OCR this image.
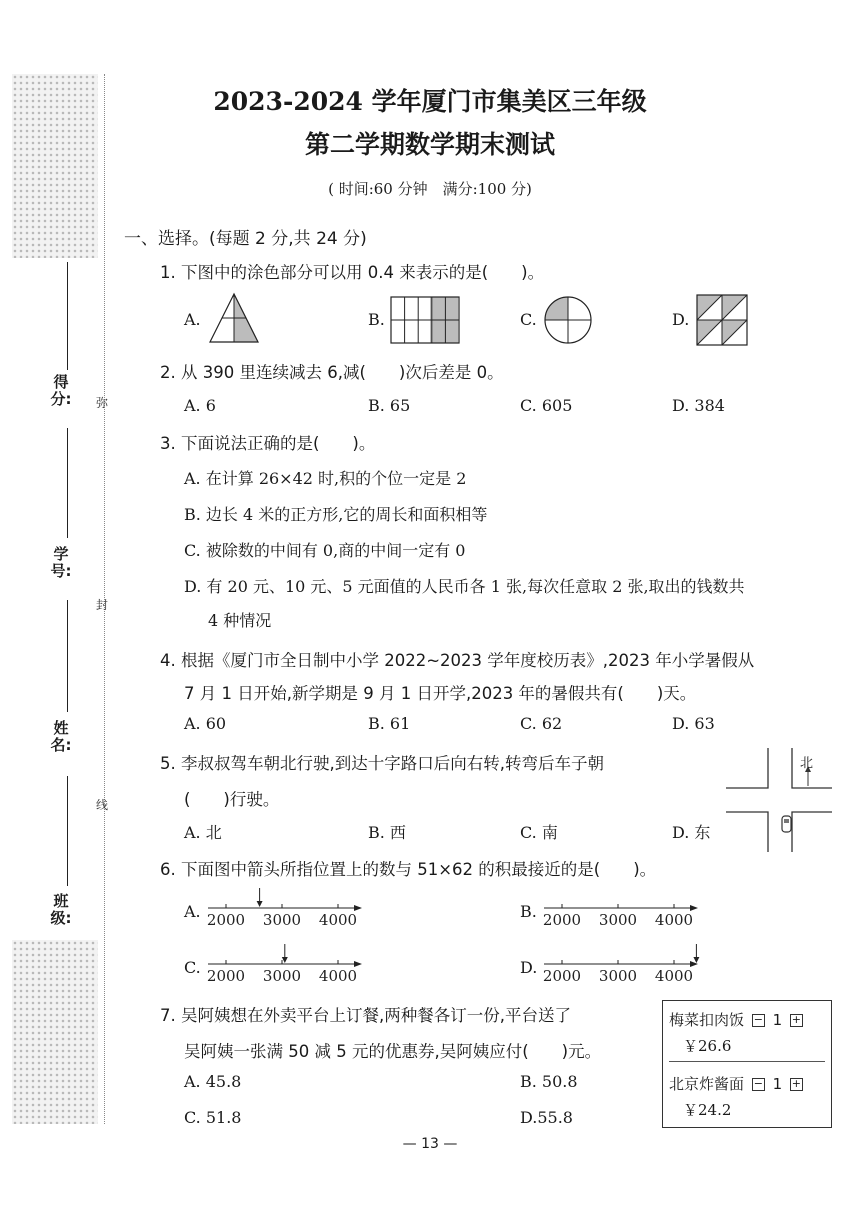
得分:
学号:
姓名:
班级:
弥
封
线
2023-2024 学年厦门市集美区三年级
第二学期数学期末测试
( 时间:60 分钟　满分:100 分)
一、选择。(每题 2 分,共 24 分)
1. 下图中的涂色部分可以用 0.4 来表示的是(　　)。
A.	B.	C.	D.
2. 从 390 里连续减去 6,减(　　)次后差是 0。
A. 6	B. 65	C. 605	D. 384
3. 下面说法正确的是(　　)。
A. 在计算 26×42 时,积的个位一定是 2
B. 边长 4 米的正方形,它的周长和面积相等
C. 被除数的中间有 0,商的中间一定有 0
D. 有 20 元、10 元、5 元面值的人民币各 1 张,每次任意取 2 张,取出的钱数共
4 种情况
4. 根据《厦门市全日制中小学 2022~2023 学年度校历表》,2023 年小学暑假从
7 月 1 日开始,新学期是 9 月 1 日开学,2023 年的暑假共有(　　)天。
A. 60	B. 61	C. 62	D. 63
5. 李叔叔驾车朝北行驶,到达十字路口后向右转,转弯后车子朝
(　　)行驶。
A. 北	B. 西	C. 南	D. 东
北
6. 下面图中箭头所指位置上的数与 51×62 的积最接近的是(　　)。
A. 2000 3000 4000	B. 2000 3000 4000
C. 2000 3000 4000	D. 2000 3000 4000
7. 吴阿姨想在外卖平台上订餐,两种餐各订一份,平台送了
吴阿姨一张满 50 减 5 元的优惠券,吴阿姨应付(　　)元。
A. 45.8	B. 50.8
C. 51.8	D.55.8
梅菜扣肉饭 − 1 +
￥26.6
北京炸酱面 − 1 +
￥24.2
— 13 —
